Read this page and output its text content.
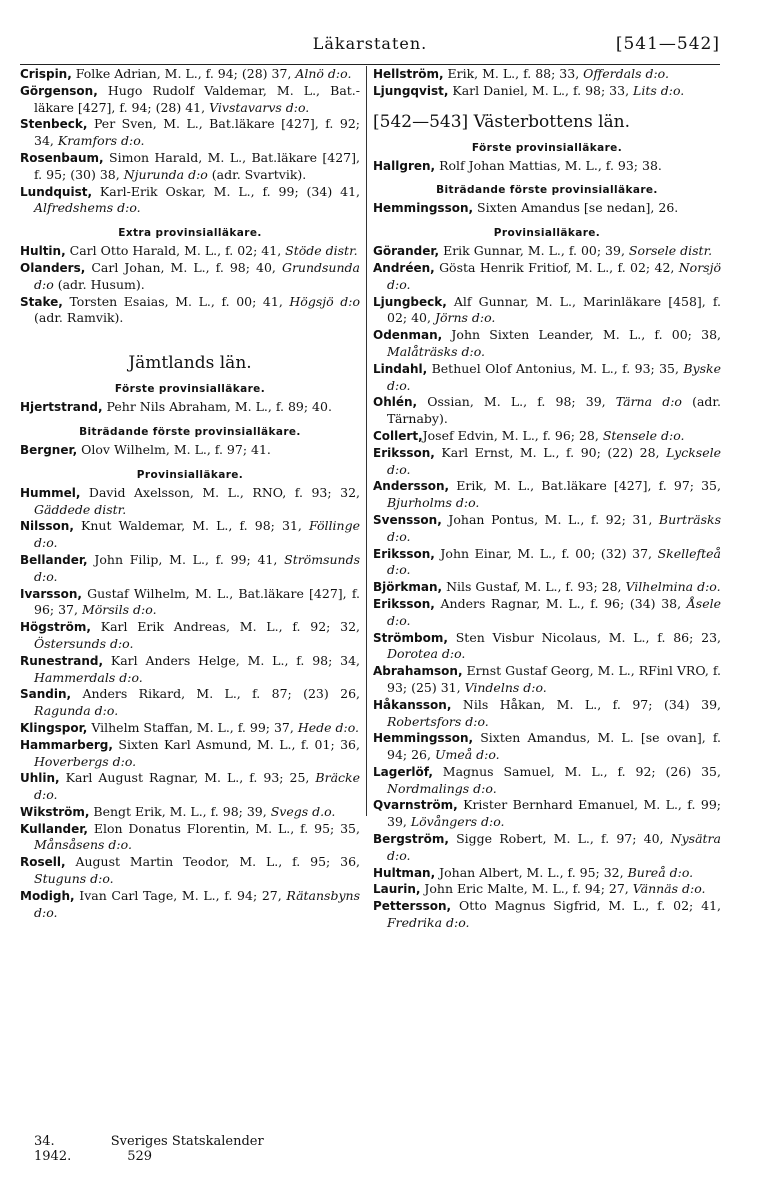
Läkarstaten.	[541—542]
Crispin, Folke Adrian, M. L., f. 94; (28) 37, Alnö d:o.
Görgenson, Hugo Rudolf Valdemar, M. L., Bat.-läkare [427], f. 94; (28) 41, Vivstavarvs d:o.
Stenbeck, Per Sven, M. L., Bat.läkare [427], f. 92; 34, Kramfors d:o.
Rosenbaum, Simon Harald, M. L., Bat.läkare [427], f. 95; (30) 38, Njurunda d:o (adr. Svartvik).
Lundquist, Karl-Erik Oskar, M. L., f. 99; (34) 41, Alfredshems d:o.
Extra provinsialläkare.
Hultin, Carl Otto Harald, M. L., f. 02; 41, Stöde distr.
Olanders, Carl Johan, M. L., f. 98; 40, Grundsunda d:o (adr. Husum).
Stake, Torsten Esaias, M. L., f. 00; 41, Högsjö d:o (adr. Ramvik).
Jämtlands län.
Förste provinsialläkare.
Hjertstrand, Pehr Nils Abraham, M. L., f. 89; 40.
Biträdande förste provinsialläkare.
Bergner, Olov Wilhelm, M. L., f. 97; 41.
Provinsialläkare.
Hummel, David Axelsson, M. L., RNO, f. 93; 32, Gäddede distr.
Nilsson, Knut Waldemar, M. L., f. 98; 31, Föllinge d:o.
Bellander, John Filip, M. L., f. 99; 41, Strömsunds d:o.
Ivarsson, Gustaf Wilhelm, M. L., Bat.läkare [427], f. 96; 37, Mörsils d:o.
Högström, Karl Erik Andreas, M. L., f. 92; 32, Östersunds d:o.
Runestrand, Karl Anders Helge, M. L., f. 98; 34, Hammerdals d:o.
Sandin, Anders Rikard, M. L., f. 87; (23) 26, Ragunda d:o.
Klingspor, Vilhelm Staffan, M. L., f. 99; 37, Hede d:o.
Hammarberg, Sixten Karl Asmund, M. L., f. 01; 36, Hoverbergs d:o.
Uhlin, Karl August Ragnar, M. L., f. 93; 25, Bräcke d:o.
Wikström, Bengt Erik, M. L., f. 98; 39, Svegs d.o.
Kullander, Elon Donatus Florentin, M. L., f. 95; 35, Månsåsens d:o.
Rosell, August Martin Teodor, M. L., f. 95; 36, Stuguns d:o.
Modigh, Ivan Carl Tage, M. L., f. 94; 27, Rätansbyns d:o.
Hellström, Erik, M. L., f. 88; 33, Offerdals d:o.
Ljungqvist, Karl Daniel, M. L., f. 98; 33, Lits d:o.
[542—543] Västerbottens län.
Förste provinsialläkare.
Hallgren, Rolf Johan Mattias, M. L., f. 93; 38.
Biträdande förste provinsialläkare.
Hemmingsson, Sixten Amandus [se nedan], 26.
Provinsialläkare.
Görander, Erik Gunnar, M. L., f. 00; 39, Sorsele distr.
Andréen, Gösta Henrik Fritiof, M. L., f. 02; 42, Norsjö d:o.
Ljungbeck, Alf Gunnar, M. L., Marinläkare [458], f. 02; 40, Jörns d:o.
Odenman, John Sixten Leander, M. L., f. 00; 38, Malåträsks d:o.
Lindahl, Bethuel Olof Antonius, M. L., f. 93; 35, Byske d:o.
Ohlén, Ossian, M. L., f. 98; 39, Tärna d:o (adr. Tärnaby).
Collert,Josef Edvin, M. L., f. 96; 28, Stensele d:o.
Eriksson, Karl Ernst, M. L., f. 90; (22) 28, Lycksele d:o.
Andersson, Erik, M. L., Bat.läkare [427], f. 97; 35, Bjurholms d:o.
Svensson, Johan Pontus, M. L., f. 92; 31, Burträsks d:o.
Eriksson, John Einar, M. L., f. 00; (32) 37, Skellefteå d:o.
Björkman, Nils Gustaf, M. L., f. 93; 28, Vilhelmina d:o.
Eriksson, Anders Ragnar, M. L., f. 96; (34) 38, Åsele d:o.
Strömbom, Sten Visbur Nicolaus, M. L., f. 86; 23, Dorotea d:o.
Abrahamson, Ernst Gustaf Georg, M. L., RFinl VRO, f. 93; (25) 31, Vindelns d:o.
Håkansson, Nils Håkan, M. L., f. 97; (34) 39, Robertsfors d:o.
Hemmingsson, Sixten Amandus, M. L. [se ovan], f. 94; 26, Umeå d:o.
Lagerlöf, Magnus Samuel, M. L., f. 92; (26) 35, Nordmalings d:o.
Qvarnström, Krister Bernhard Emanuel, M. L., f. 99; 39, Lövångers d:o.
Bergström, Sigge Robert, M. L., f. 97; 40, Nysätra d:o.
Hultman, Johan Albert, M. L., f. 95; 32, Bureå d:o.
Laurin, John Eric Malte, M. L., f. 94; 27, Vännäs d:o.
Pettersson, Otto Magnus Sigfrid, M. L., f. 02; 41, Fredrika d:o.
34.	Sveriges Statskalender 1942.	529
